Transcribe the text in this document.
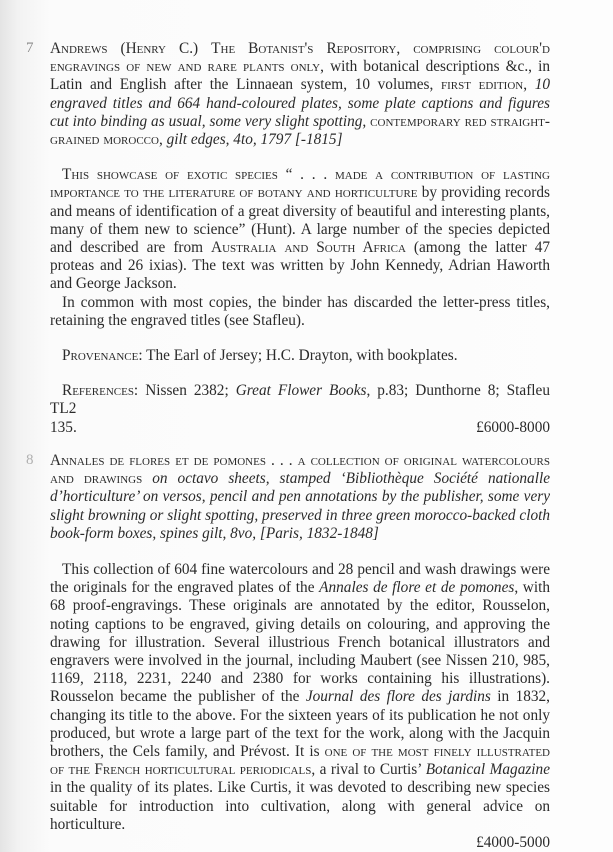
7 Andrews (Henry C.) The Botanist's Repository, comprising colour'd engravings of new and rare plants only, with botanical descriptions &c., in Latin and English after the Linnaean system, 10 volumes, first edition, 10 engraved titles and 664 hand-coloured plates, some plate captions and figures cut into binding as usual, some very slight spotting, contemporary red straight-grained morocco, gilt edges, 4to, 1797 [-1815]

This showcase of exotic species “ . . . made a contribution of lasting importance to the literature of botany and horticulture by providing records and means of identification of a great diversity of beautiful and interesting plants, many of them new to science” (Hunt). A large number of the species depicted and described are from Australia and South Africa (among the latter 47 proteas and 26 ixias). The text was written by John Kennedy, Adrian Haworth and George Jackson.

In common with most copies, the binder has discarded the letter-press titles, retaining the engraved titles (see Stafleu).

Provenance: The Earl of Jersey; H.C. Drayton, with bookplates.

References: Nissen 2382; Great Flower Books, p.83; Dunthorne 8; Stafleu TL2

135.	£6000-8000
8 Annales de flores et de pomones . . . a collection of original watercolours and drawings on octavo sheets, stamped ‘Bibliothèque Société nationalle d’horticulture’ on versos, pencil and pen annotations by the publisher, some very slight browning or slight spotting, preserved in three green morocco-backed cloth book-form boxes, spines gilt, 8vo, [Paris, 1832-1848]

This collection of 604 fine watercolours and 28 pencil and wash drawings were the originals for the engraved plates of the Annales de flore et de pomones, with 68 proof-engravings. These originals are annotated by the editor, Rousselon, noting captions to be engraved, giving details on colouring, and approving the drawing for illustration. Several illustrious French botanical illustrators and engravers were involved in the journal, including Maubert (see Nissen 210, 985, 1169, 2118, 2231, 2240 and 2380 for works containing his illustrations). Rousselon became the publisher of the Journal des flore des jardins in 1832, changing its title to the above. For the sixteen years of its publication he not only produced, but wrote a large part of the text for the work, along with the Jacquin brothers, the Cels family, and Prévost. It is one of the most finely illustrated of the French horticultural periodicals, a rival to Curtis’ Botanical Magazine in the quality of its plates. Like Curtis, it was devoted to describing new species suitable for introduction into cultivation, along with general advice on horticulture.
£4000-5000
